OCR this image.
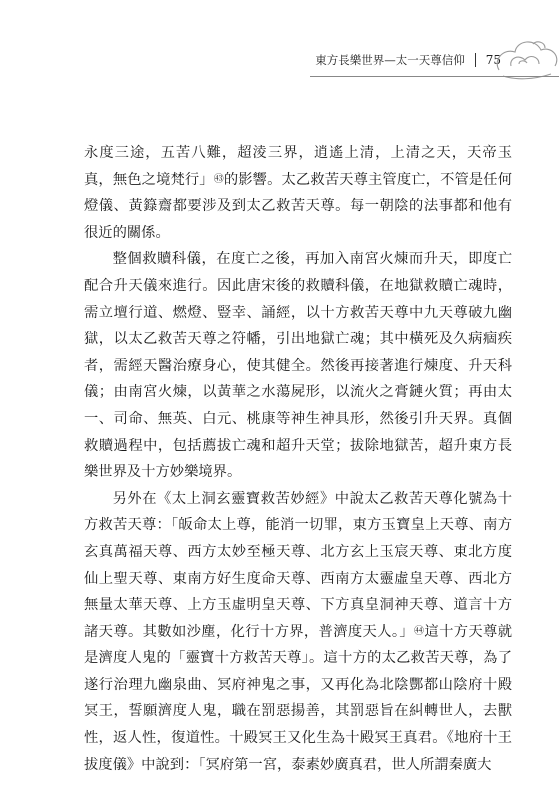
東方長樂世界—太一天尊信仰 75

永度三途，五苦八難，超淩三界，逍遙上清，上清之天，天帝玉真，無色之境梵行」㊸的影響。太乙救苦天尊主管度亡，不管是任何燈儀、黃籙齋都要涉及到太乙救苦天尊。每一朝陰的法事都和他有很近的關係。

整個救贖科儀，在度亡之後，再加入南宮火煉而升天，即度亡配合升天儀來進行。因此唐宋後的救贖科儀，在地獄救贖亡魂時，需立壇行道、燃燈、豎幸、誦經，以十方救苦天尊中九天尊破九幽獄，以太乙救苦天尊之符幡，引出地獄亡魂；其中橫死及久病痼疾者，需經天醫治療身心，使其健全。然後再接著進行煉度、升天科儀；由南宮火煉，以黃華之水蕩屍形，以流火之膏鏈火質；再由太一、司命、無英、白元、桃康等神生神具形，然後引升天界。真個救贖過程中，包括薦拔亡魂和超升天堂；拔除地獄苦，超升東方長樂世界及十方妙樂境界。

另外在《太上洞玄靈寶救苦妙經》中說太乙救苦天尊化號為十方救苦天尊：「皈命太上尊，能消一切罪，東方玉寶皇上天尊、南方玄真萬福天尊、西方太妙至極天尊、北方玄上玉宸天尊、東北方度仙上聖天尊、東南方好生度命天尊、西南方太靈虛皇天尊、西北方無量太華天尊、上方玉虛明皇天尊、下方真皇洞神天尊、道言十方諸天尊。其數如沙塵，化行十方界，普濟度天人。」㊹這十方天尊就是濟度人鬼的「靈寶十方救苦天尊」。這十方的太乙救苦天尊，為了遂行治理九幽泉曲、冥府神鬼之事，又再化為北陰酆都山陰府十殿冥王，誓願濟度人鬼，職在罰惡揚善，其罰惡旨在糾轉世人，去獸性，返人性，復道性。十殿冥王又化生為十殿冥王真君。《地府十王拔度儀》中說到：「冥府第一宮，泰素妙廣真君，世人所謂秦廣大
